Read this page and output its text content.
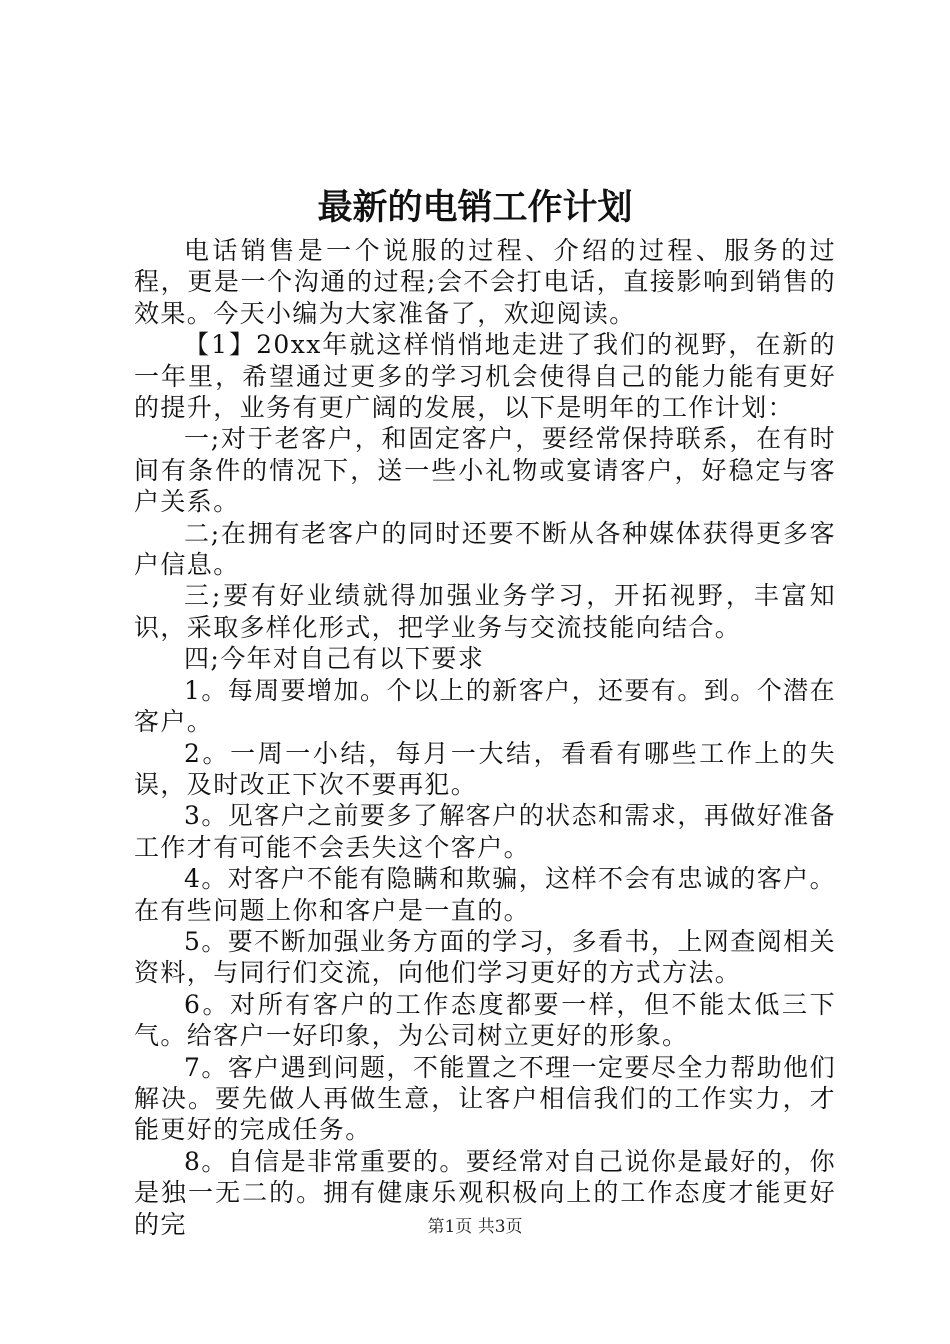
最新的电销工作计划

电话销售是一个说服的过程、介绍的过程、服务的过程，更是一个沟通的过程;会不会打电话，直接影响到销售的效果。今天小编为大家准备了，欢迎阅读。

【1】20xx年就这样悄悄地走进了我们的视野，在新的一年里，希望通过更多的学习机会使得自己的能力能有更好的提升，业务有更广阔的发展，以下是明年的工作计划：

一;对于老客户，和固定客户，要经常保持联系，在有时间有条件的情况下，送一些小礼物或宴请客户，好稳定与客户关系。

二;在拥有老客户的同时还要不断从各种媒体获得更多客户信息。

三;要有好业绩就得加强业务学习，开拓视野，丰富知识，采取多样化形式，把学业务与交流技能向结合。

四;今年对自己有以下要求

1。每周要增加。个以上的新客户，还要有。到。个潜在客户。

2。一周一小结，每月一大结，看看有哪些工作上的失误，及时改正下次不要再犯。

3。见客户之前要多了解客户的状态和需求，再做好准备工作才有可能不会丢失这个客户。

4。对客户不能有隐瞒和欺骗，这样不会有忠诚的客户。在有些问题上你和客户是一直的。

5。要不断加强业务方面的学习，多看书，上网查阅相关资料，与同行们交流，向他们学习更好的方式方法。

6。对所有客户的工作态度都要一样，但不能太低三下气。给客户一好印象，为公司树立更好的形象。

7。客户遇到问题，不能置之不理一定要尽全力帮助他们解决。要先做人再做生意，让客户相信我们的工作实力，才能更好的完成任务。

8。自信是非常重要的。要经常对自己说你是最好的，你是独一无二的。拥有健康乐观积极向上的工作态度才能更好的完	第1页 共3页
